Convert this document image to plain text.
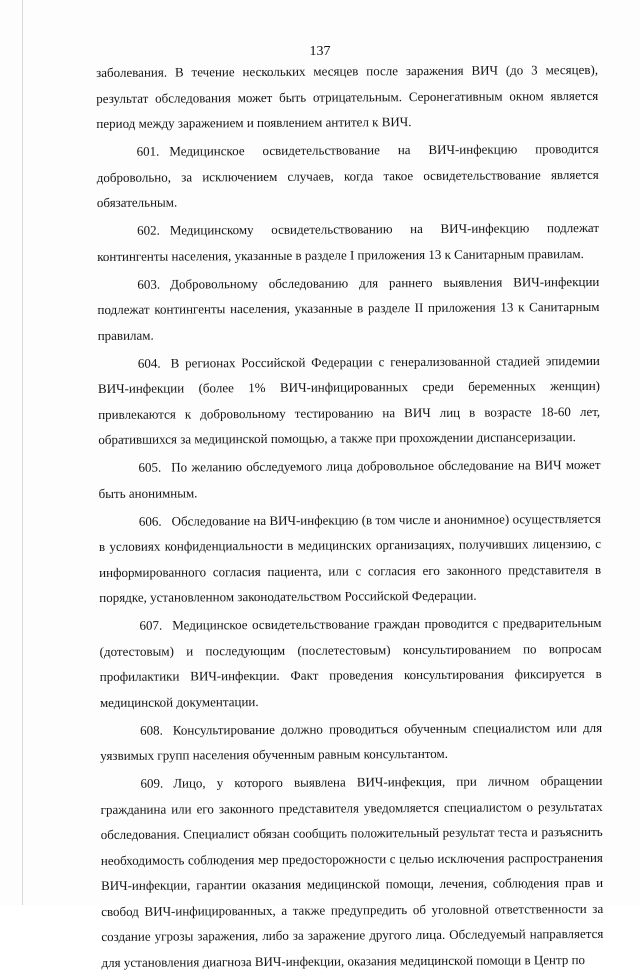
137

заболевания. В течение нескольких месяцев после заражения ВИЧ (до 3 месяцев), результат обследования может быть отрицательным. Серонегативным окном является период между заражением и появлением антител к ВИЧ.

601. Медицинское освидетельствование на ВИЧ-инфекцию проводится добровольно, за исключением случаев, когда такое освидетельствование является обязательным.

602. Медицинскому освидетельствованию на ВИЧ-инфекцию подлежат контингенты населения, указанные в разделе I приложения 13 к Санитарным правилам.

603. Добровольному обследованию для раннего выявления ВИЧ-инфекции подлежат контингенты населения, указанные в разделе II приложения 13 к Санитарным правилам.

604. В регионах Российской Федерации с генерализованной стадией эпидемии ВИЧ-инфекции (более 1% ВИЧ-инфицированных среди беременных женщин) привлекаются к добровольному тестированию на ВИЧ лиц в возрасте 18-60 лет, обратившихся за медицинской помощью, а также при прохождении диспансеризации.

605. По желанию обследуемого лица добровольное обследование на ВИЧ может быть анонимным.

606. Обследование на ВИЧ-инфекцию (в том числе и анонимное) осуществляется в условиях конфиденциальности в медицинских организациях, получивших лицензию, с информированного согласия пациента, или с согласия его законного представителя в порядке, установленном законодательством Российской Федерации.

607. Медицинское освидетельствование граждан проводится с предварительным (дотестовым) и последующим (послетестовым) консультированием по вопросам профилактики ВИЧ-инфекции. Факт проведения консультирования фиксируется в медицинской документации.

608. Консультирование должно проводиться обученным специалистом или для уязвимых групп населения обученным равным консультантом.

609. Лицо, у которого выявлена ВИЧ-инфекция, при личном обращении гражданина или его законного представителя уведомляется специалистом о результатах обследования. Специалист обязан сообщить положительный результат теста и разъяснить необходимость соблюдения мер предосторожности с целью исключения распространения ВИЧ-инфекции, гарантии оказания медицинской помощи, лечения, соблюдения прав и свобод ВИЧ-инфицированных, а также предупредить об уголовной ответственности за создание угрозы заражения, либо за заражение другого лица. Обследуемый направляется для установления диагноза ВИЧ-инфекции, оказания медицинской помощи в Центр по
